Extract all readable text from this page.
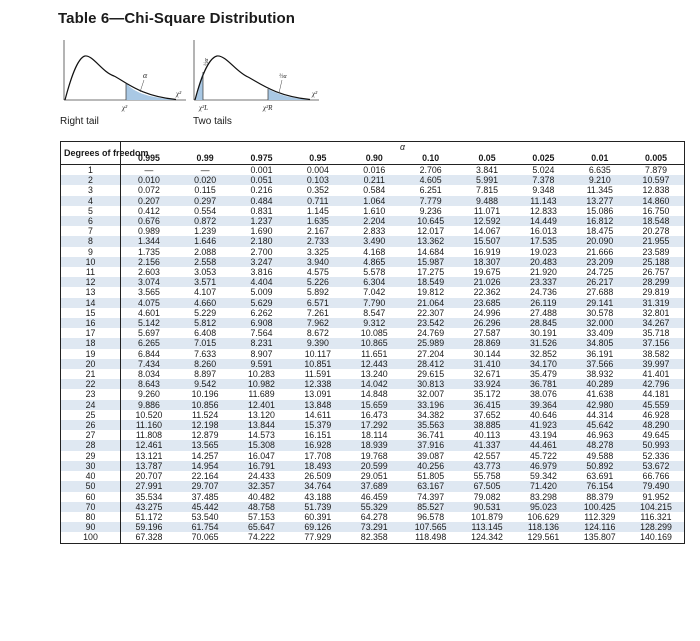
Table 6—Chi-Square Distribution
α
χ²
χ²
½α
½α
χ²L	χ²R
χ²
Right tail	Two tails
Degrees of freedom	α									
	0.995	0.99	0.975	0.95	0.90	0.10	0.05	0.025	0.01	0.005
1	—	—	0.001	0.004	0.016	2.706	3.841	5.024	6.635	7.879
2	0.010	0.020	0.051	0.103	0.211	4.605	5.991	7.378	9.210	10.597
3	0.072	0.115	0.216	0.352	0.584	6.251	7.815	9.348	11.345	12.838
4	0.207	0.297	0.484	0.711	1.064	7.779	9.488	11.143	13.277	14.860
5	0.412	0.554	0.831	1.145	1.610	9.236	11.071	12.833	15.086	16.750
6	0.676	0.872	1.237	1.635	2.204	10.645	12.592	14.449	16.812	18.548
7	0.989	1.239	1.690	2.167	2.833	12.017	14.067	16.013	18.475	20.278
8	1.344	1.646	2.180	2.733	3.490	13.362	15.507	17.535	20.090	21.955
9	1.735	2.088	2.700	3.325	4.168	14.684	16.919	19.023	21.666	23.589
10	2.156	2.558	3.247	3.940	4.865	15.987	18.307	20.483	23.209	25.188
11	2.603	3.053	3.816	4.575	5.578	17.275	19.675	21.920	24.725	26.757
12	3.074	3.571	4.404	5.226	6.304	18.549	21.026	23.337	26.217	28.299
13	3.565	4.107	5.009	5.892	7.042	19.812	22.362	24.736	27.688	29.819
14	4.075	4.660	5.629	6.571	7.790	21.064	23.685	26.119	29.141	31.319
15	4.601	5.229	6.262	7.261	8.547	22.307	24.996	27.488	30.578	32.801
16	5.142	5.812	6.908	7.962	9.312	23.542	26.296	28.845	32.000	34.267
17	5.697	6.408	7.564	8.672	10.085	24.769	27.587	30.191	33.409	35.718
18	6.265	7.015	8.231	9.390	10.865	25.989	28.869	31.526	34.805	37.156
19	6.844	7.633	8.907	10.117	11.651	27.204	30.144	32.852	36.191	38.582
20	7.434	8.260	9.591	10.851	12.443	28.412	31.410	34.170	37.566	39.997
21	8.034	8.897	10.283	11.591	13.240	29.615	32.671	35.479	38.932	41.401
22	8.643	9.542	10.982	12.338	14.042	30.813	33.924	36.781	40.289	42.796
23	9.260	10.196	11.689	13.091	14.848	32.007	35.172	38.076	41.638	44.181
24	9.886	10.856	12.401	13.848	15.659	33.196	36.415	39.364	42.980	45.559
25	10.520	11.524	13.120	14.611	16.473	34.382	37.652	40.646	44.314	46.928
26	11.160	12.198	13.844	15.379	17.292	35.563	38.885	41.923	45.642	48.290
27	11.808	12.879	14.573	16.151	18.114	36.741	40.113	43.194	46.963	49.645
28	12.461	13.565	15.308	16.928	18.939	37.916	41.337	44.461	48.278	50.993
29	13.121	14.257	16.047	17.708	19.768	39.087	42.557	45.722	49.588	52.336
30	13.787	14.954	16.791	18.493	20.599	40.256	43.773	46.979	50.892	53.672
40	20.707	22.164	24.433	26.509	29.051	51.805	55.758	59.342	63.691	66.766
50	27.991	29.707	32.357	34.764	37.689	63.167	67.505	71.420	76.154	79.490
60	35.534	37.485	40.482	43.188	46.459	74.397	79.082	83.298	88.379	91.952
70	43.275	45.442	48.758	51.739	55.329	85.527	90.531	95.023	100.425	104.215
80	51.172	53.540	57.153	60.391	64.278	96.578	101.879	106.629	112.329	116.321
90	59.196	61.754	65.647	69.126	73.291	107.565	113.145	118.136	124.116	128.299
100	67.328	70.065	74.222	77.929	82.358	118.498	124.342	129.561	135.807	140.169
